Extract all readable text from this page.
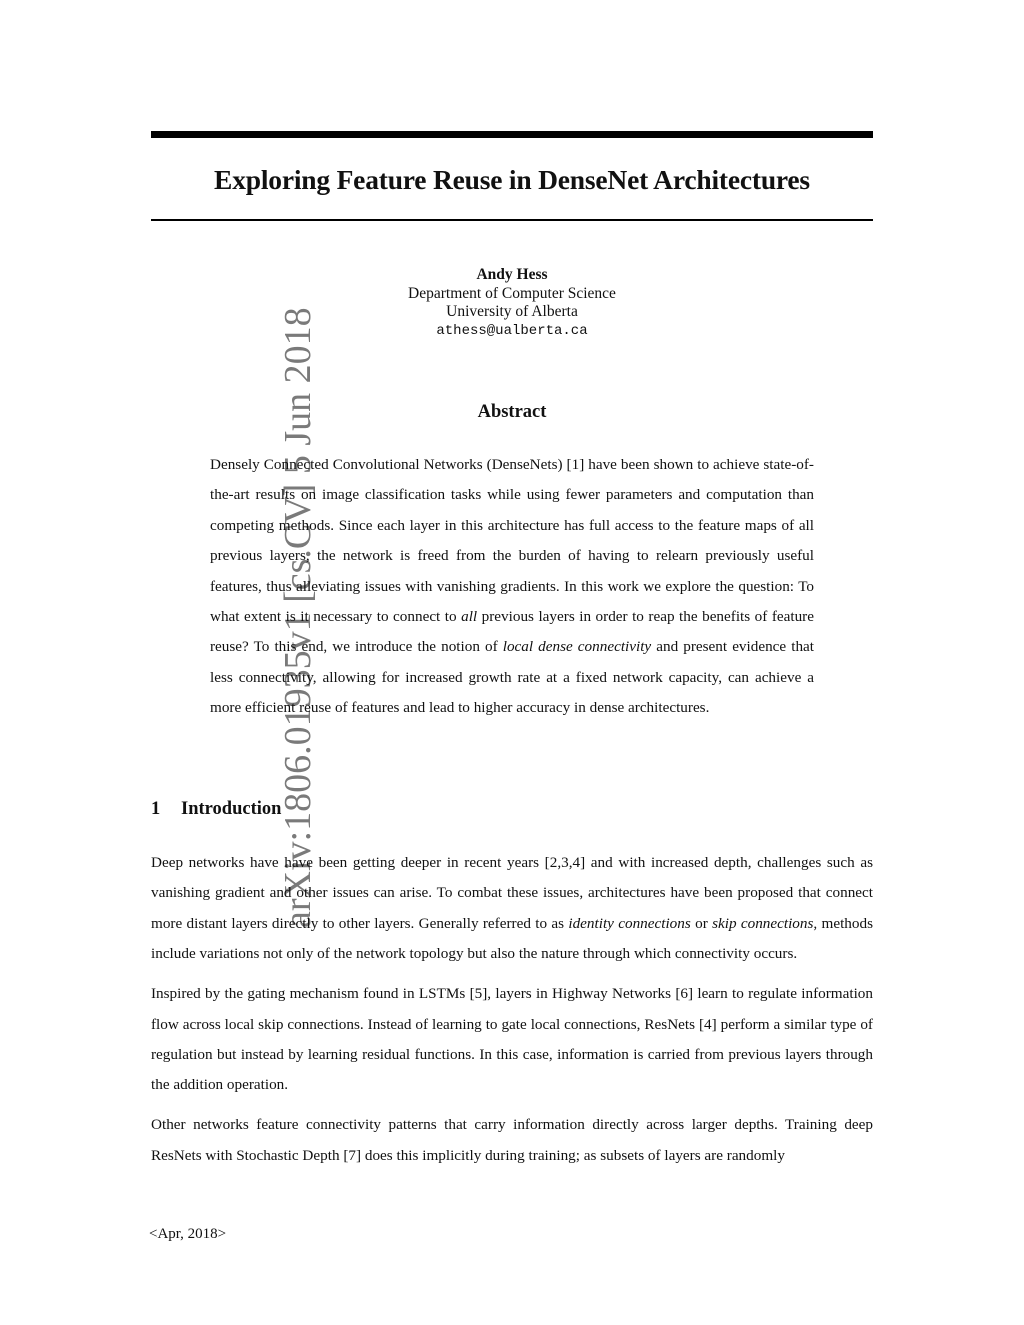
arXiv:1806.01935v1 [cs.CV] 5 Jun 2018
Exploring Feature Reuse in DenseNet Architectures
Andy Hess
Department of Computer Science
University of Alberta
athess@ualberta.ca
Abstract

Densely Connected Convolutional Networks (DenseNets) [1] have been shown to achieve state-of-the-art results on image classification tasks while using fewer parameters and computation than competing methods. Since each layer in this architecture has full access to the feature maps of all previous layers, the network is freed from the burden of having to relearn previously useful features, thus alleviating issues with vanishing gradients. In this work we explore the question: To what extent is it necessary to connect to all previous layers in order to reap the benefits of feature reuse? To this end, we introduce the notion of local dense connectivity and present evidence that less connectivity, allowing for increased growth rate at a fixed network capacity, can achieve a more efficient reuse of features and lead to higher accuracy in dense architectures.

1 Introduction

Deep networks have have been getting deeper in recent years [2,3,4] and with increased depth, challenges such as vanishing gradient and other issues can arise. To combat these issues, architectures have been proposed that connect more distant layers directly to other layers. Generally referred to as identity connections or skip connections, methods include variations not only of the network topology but also the nature through which connectivity occurs.

Inspired by the gating mechanism found in LSTMs [5], layers in Highway Networks [6] learn to regulate information flow across local skip connections. Instead of learning to gate local connections, ResNets [4] perform a similar type of regulation but instead by learning residual functions. In this case, information is carried from previous layers through the addition operation.

Other networks feature connectivity patterns that carry information directly across larger depths. Training deep ResNets with Stochastic Depth [7] does this implicitly during training; as subsets of layers are randomly

<Apr, 2018>
